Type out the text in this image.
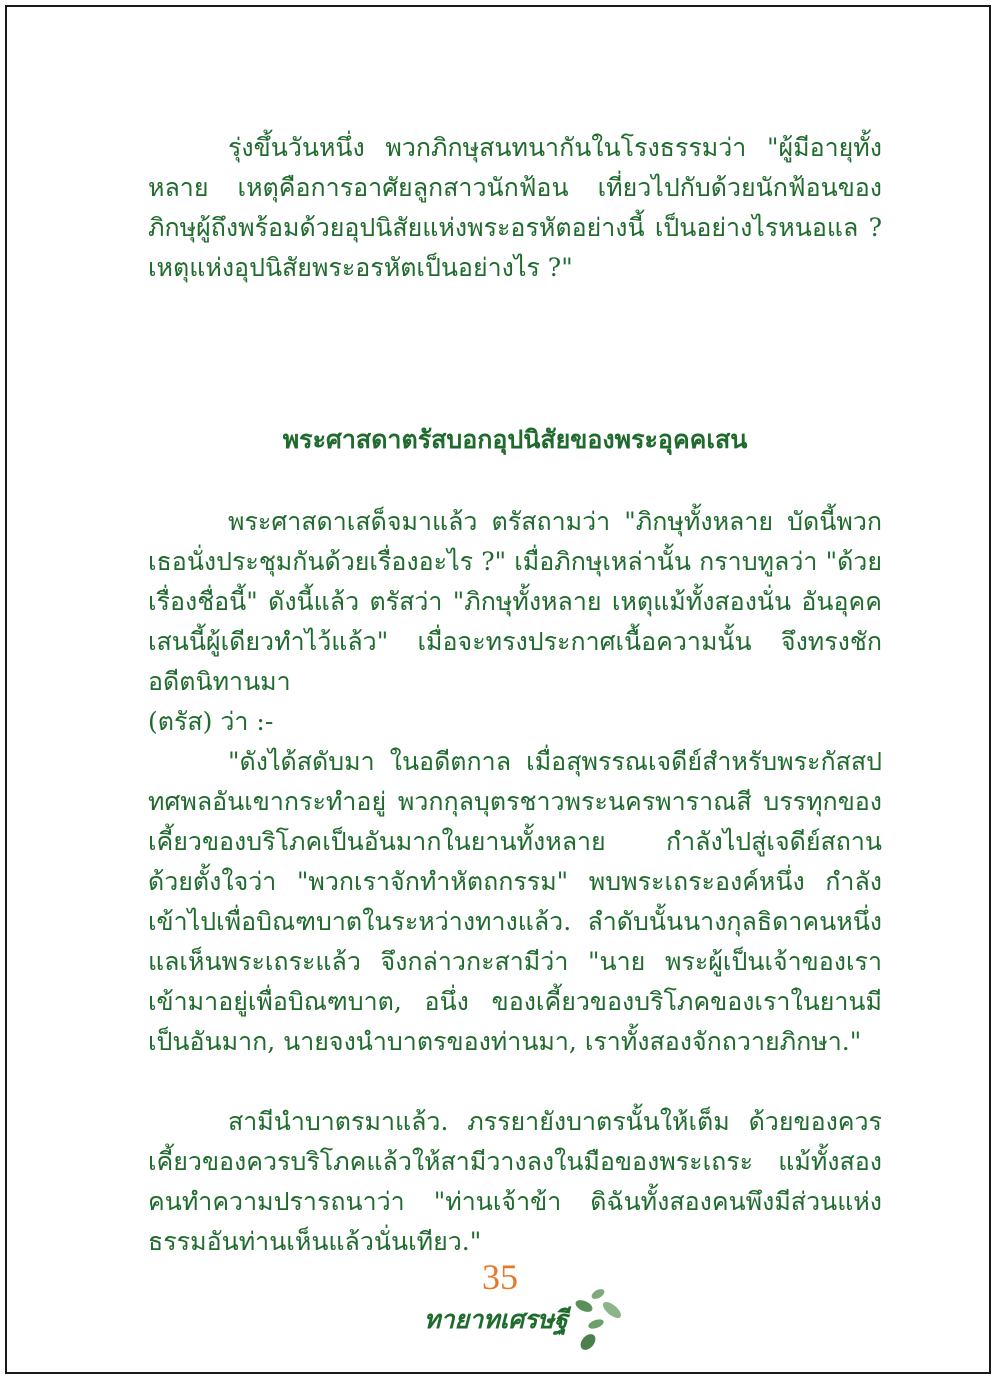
รุ่งขึ้นวันหนึ่ง พวกภิกษุสนทนากันในโรงธรรมว่า "ผู้มีอายุทั้งหลาย เหตุคือการอาศัยลูกสาวนักฟ้อน เที่ยวไปกับด้วยนักฟ้อนของภิกษุผู้ถึงพร้อมด้วยอุปนิสัยแห่งพระอรหัตอย่างนี้ เป็นอย่างไรหนอแล ? เหตุแห่งอุปนิสัยพระอรหัตเป็นอย่างไร ?"

พระศาสดาตรัสบอกอุปนิสัยของพระอุคคเสน

พระศาสดาเสด็จมาแล้ว ตรัสถามว่า "ภิกษุทั้งหลาย บัดนี้พวกเธอนั่งประชุมกันด้วยเรื่องอะไร ?" เมื่อภิกษุเหล่านั้น กราบทูลว่า "ด้วยเรื่องชื่อนี้" ดังนี้แล้ว ตรัสว่า "ภิกษุทั้งหลาย เหตุแม้ทั้งสองนั่น อันอุคคเสนนี้ผู้เดียวทำไว้แล้ว" เมื่อจะทรงประกาศเนื้อความนั้น จึงทรงชักอดีตนิทานมา

(ตรัส) ว่า :-

"ดังได้สดับมา ในอดีตกาล เมื่อสุพรรณเจดีย์สำหรับพระกัสสปทศพลอันเขากระทำอยู่ พวกกุลบุตรชาวพระนครพาราณสี บรรทุกของเคี้ยวของบริโภคเป็นอันมากในยานทั้งหลาย กำลังไปสู่เจดีย์สถาน ด้วยตั้งใจว่า "พวกเราจักทำหัตถกรรม" พบพระเถระองค์หนึ่ง กำลังเข้าไปเพื่อบิณฑบาตในระหว่างทางแล้ว. ลำดับนั้นนางกุลธิดาคนหนึ่ง แลเห็นพระเถระแล้ว จึงกล่าวกะสามีว่า "นาย พระผู้เป็นเจ้าของเราเข้ามาอยู่เพื่อบิณฑบาต, อนึ่ง ของเคี้ยวของบริโภคของเราในยานมีเป็นอันมาก, นายจงนำบาตรของท่านมา, เราทั้งสองจักถวายภิกษา."

สามีนำบาตรมาแล้ว. ภรรยายังบาตรนั้นให้เต็ม ด้วยของควรเคี้ยวของควรบริโภคแล้วให้สามีวางลงในมือของพระเถระ แม้ทั้งสองคนทำความปรารถนาว่า "ท่านเจ้าข้า ดิฉันทั้งสองคนพึงมีส่วนแห่งธรรมอันท่านเห็นแล้วนั่นเทียว."

35
ทายาทเศรษฐี
